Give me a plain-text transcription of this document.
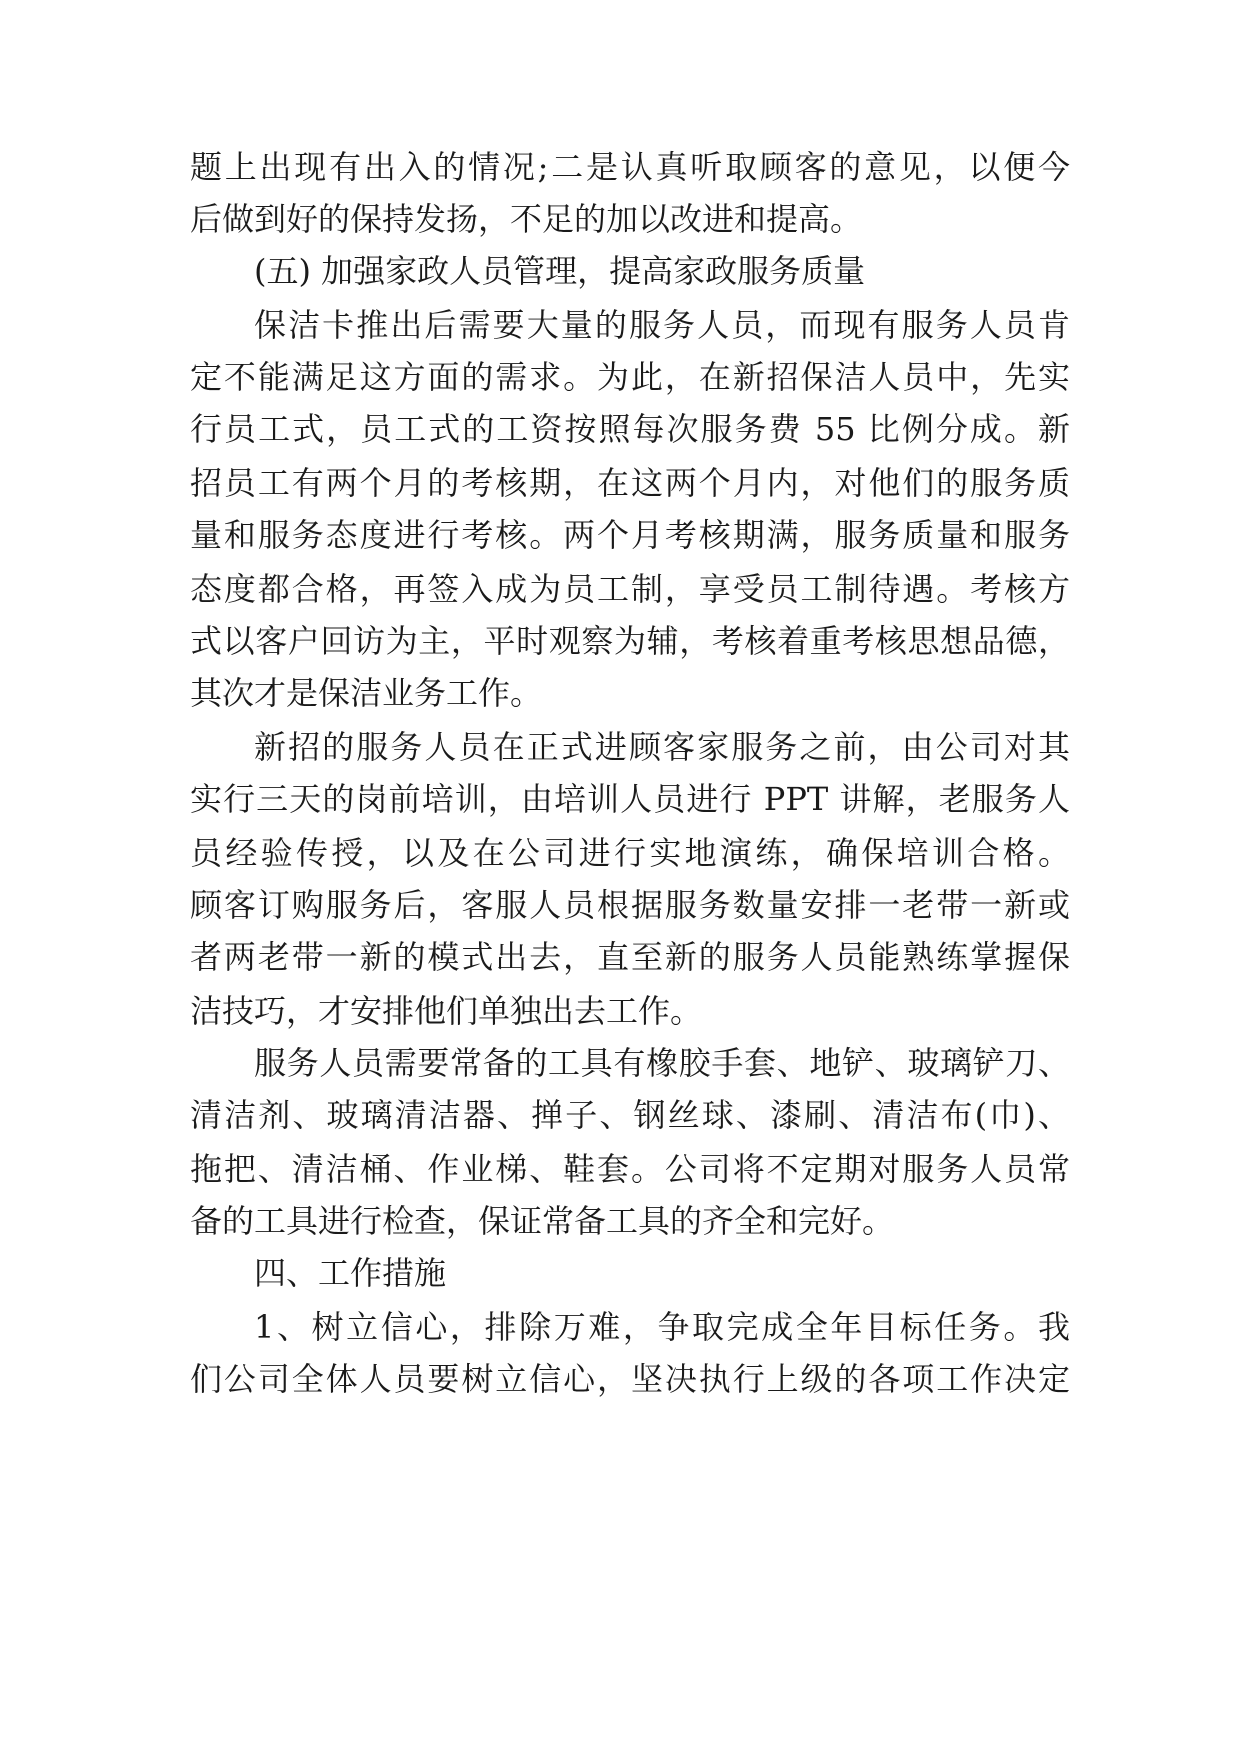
题上出现有出入的情况;二是认真听取顾客的意见，以便今
后做到好的保持发扬，不足的加以改进和提高。
(五) 加强家政人员管理，提高家政服务质量
保洁卡推出后需要大量的服务人员，而现有服务人员肯
定不能满足这方面的需求。为此，在新招保洁人员中，先实
行员工式，员工式的工资按照每次服务费 55 比例分成。新
招员工有两个月的考核期，在这两个月内，对他们的服务质
量和服务态度进行考核。两个月考核期满，服务质量和服务
态度都合格，再签入成为员工制，享受员工制待遇。考核方
式以客户回访为主，平时观察为辅，考核着重考核思想品德，
其次才是保洁业务工作。
新招的服务人员在正式进顾客家服务之前，由公司对其
实行三天的岗前培训，由培训人员进行 PPT 讲解，老服务人
员经验传授，以及在公司进行实地演练，确保培训合格。
顾客订购服务后，客服人员根据服务数量安排一老带一新或
者两老带一新的模式出去，直至新的服务人员能熟练掌握保
洁技巧，才安排他们单独出去工作。
服务人员需要常备的工具有橡胶手套、地铲、玻璃铲刀、
清洁剂、玻璃清洁器、掸子、钢丝球、漆刷、清洁布(巾)、
拖把、清洁桶、作业梯、鞋套。公司将不定期对服务人员常
备的工具进行检查，保证常备工具的齐全和完好。
四、工作措施
1、树立信心，排除万难，争取完成全年目标任务。我
们公司全体人员要树立信心，坚决执行上级的各项工作决定
